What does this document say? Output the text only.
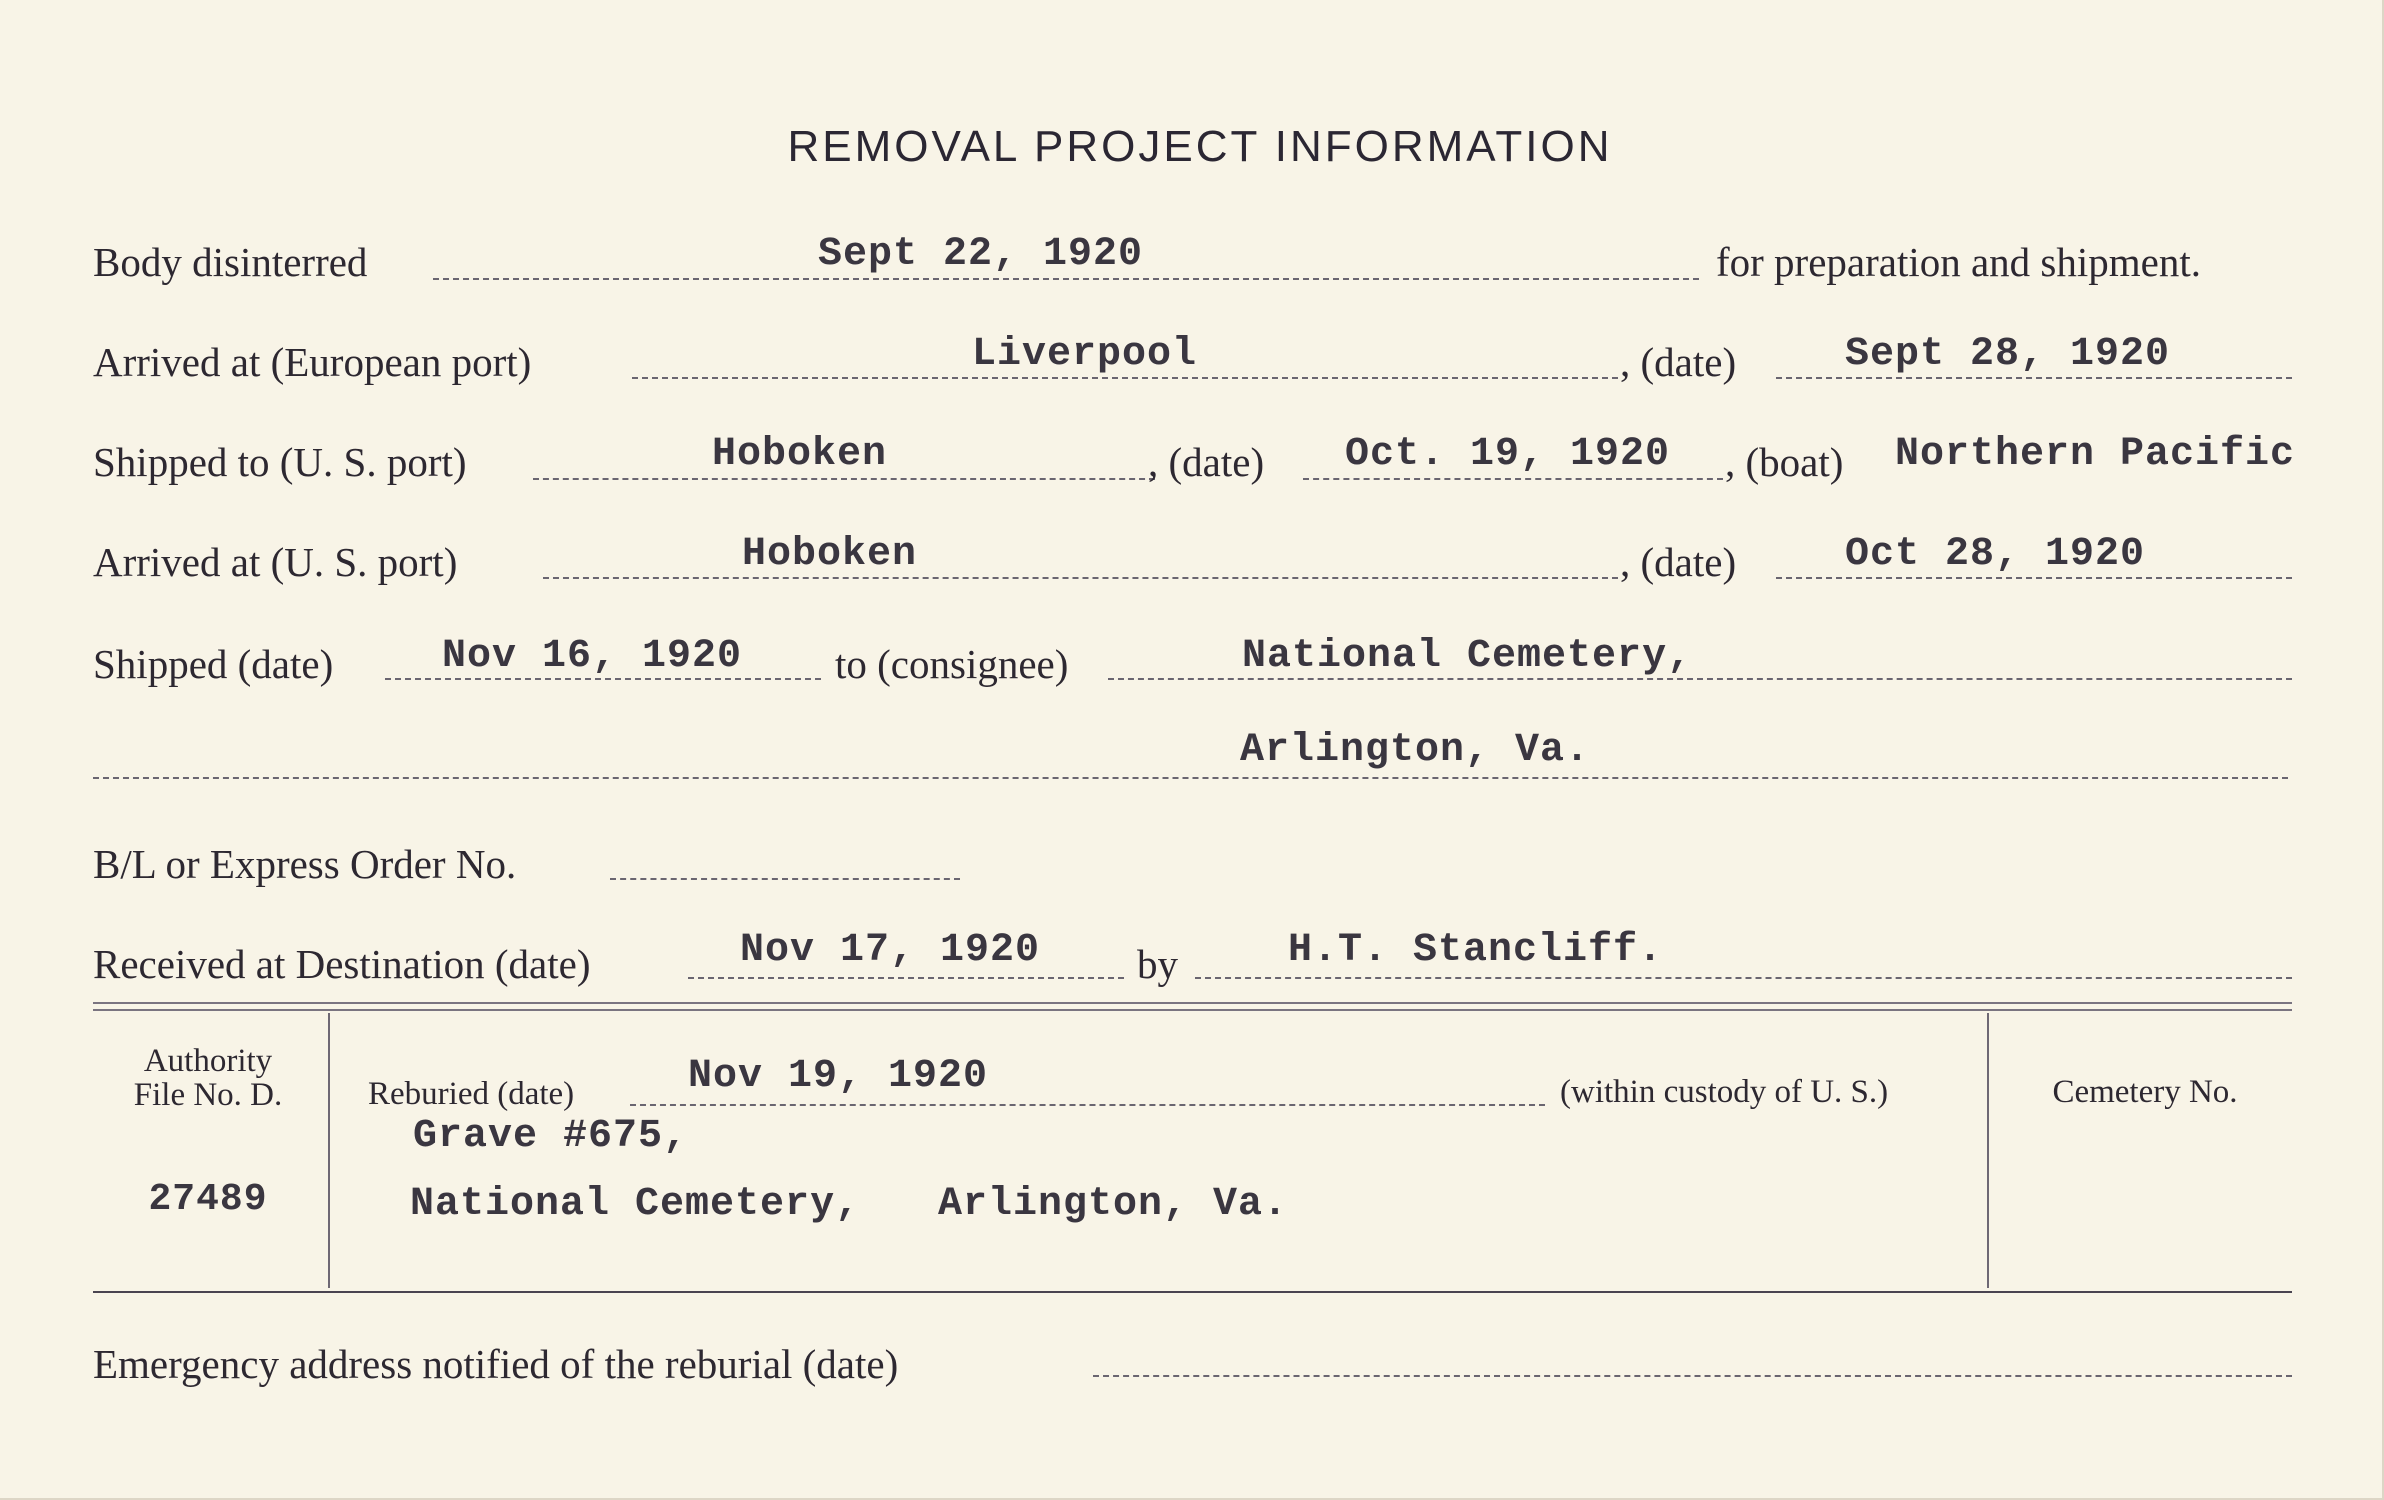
REMOVAL PROJECT INFORMATION
Body disinterred	Sept 22, 1920	for preparation and shipment.
Arrived at (European port)	Liverpool	, (date)	Sept 28, 1920
Shipped to (U. S. port)	Hoboken	, (date) Oct. 19, 1920 , (boat) Northern Pacific
Arrived at (U. S. port)	Hoboken	, (date)	Oct 28, 1920
Shipped (date)	Nov 16, 1920 to (consignee)	National Cemetery,
Arlington, Va.
B/L or Express Order No.
Received at Destination (date)	Nov 17, 1920 by	H.T. Stancliff.
Authority
File No. D.
27489
Reburied (date)	Nov 19, 1920	(within custody of U. S.)
Grave #675,
National Cemetery, Arlington, Va.
Cemetery No.
Emergency address notified of the reburial (date)
